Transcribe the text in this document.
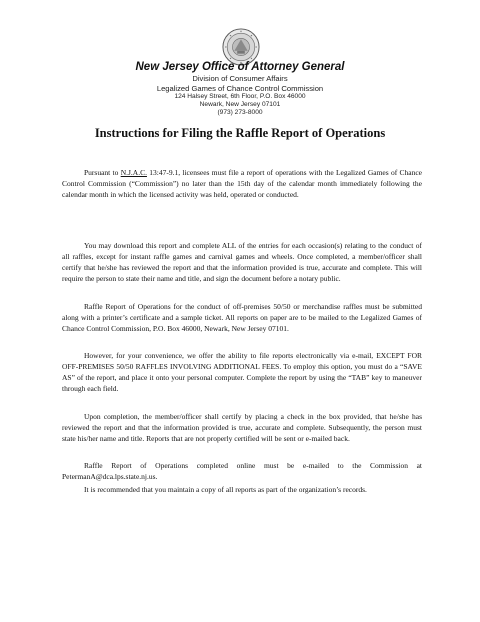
New Jersey Office of Attorney General
Division of Consumer Affairs
Legalized Games of Chance Control Commission
124 Halsey Street, 6th Floor, P.O. Box 46000
Newark, New Jersey 07101
(973) 273-8000
Instructions for Filing the Raffle Report of Operations

Pursuant to N.J.A.C. 13:47-9.1, licensees must file a report of operations with the Legalized Games of Chance Control Commission (“Commission”) no later than the 15th day of the calendar month immediately following the calendar month in which the licensed activity was held, operated or conducted.

You may download this report and complete ALL of the entries for each occasion(s) relating to the conduct of all raffles, except for instant raffle games and carnival games and wheels. Once completed, a member/officer shall certify that he/she has reviewed the report and that the information provided is true, accurate and complete. This will require the person to state their name and title, and sign the document before a notary public.

Raffle Report of Operations for the conduct of off-premises 50/50 or merchandise raffles must be submitted along with a printer’s certificate and a sample ticket. All reports on paper are to be mailed to the Legalized Games of Chance Control Commission, P.O. Box 46000, Newark, New Jersey 07101.

However, for your convenience, we offer the ability to file reports electronically via e-mail, EXCEPT FOR OFF-PREMISES 50/50 RAFFLES INVOLVING ADDITIONAL FEES. To employ this option, you must do a “SAVE AS” of the report, and place it onto your personal computer. Complete the report by using the “TAB” key to maneuver through each field.

Upon completion, the member/officer shall certify by placing a check in the box provided, that he/she has reviewed the report and that the information provided is true, accurate and complete. Subsequently, the person must state his/her name and title. Reports that are not properly certified will be sent or e-mailed back.

Raffle Report of Operations completed online must be e-mailed to the Commission at PetermanA@dca.lps.state.nj.us.

It is recommended that you maintain a copy of all reports as part of the organization’s records.
